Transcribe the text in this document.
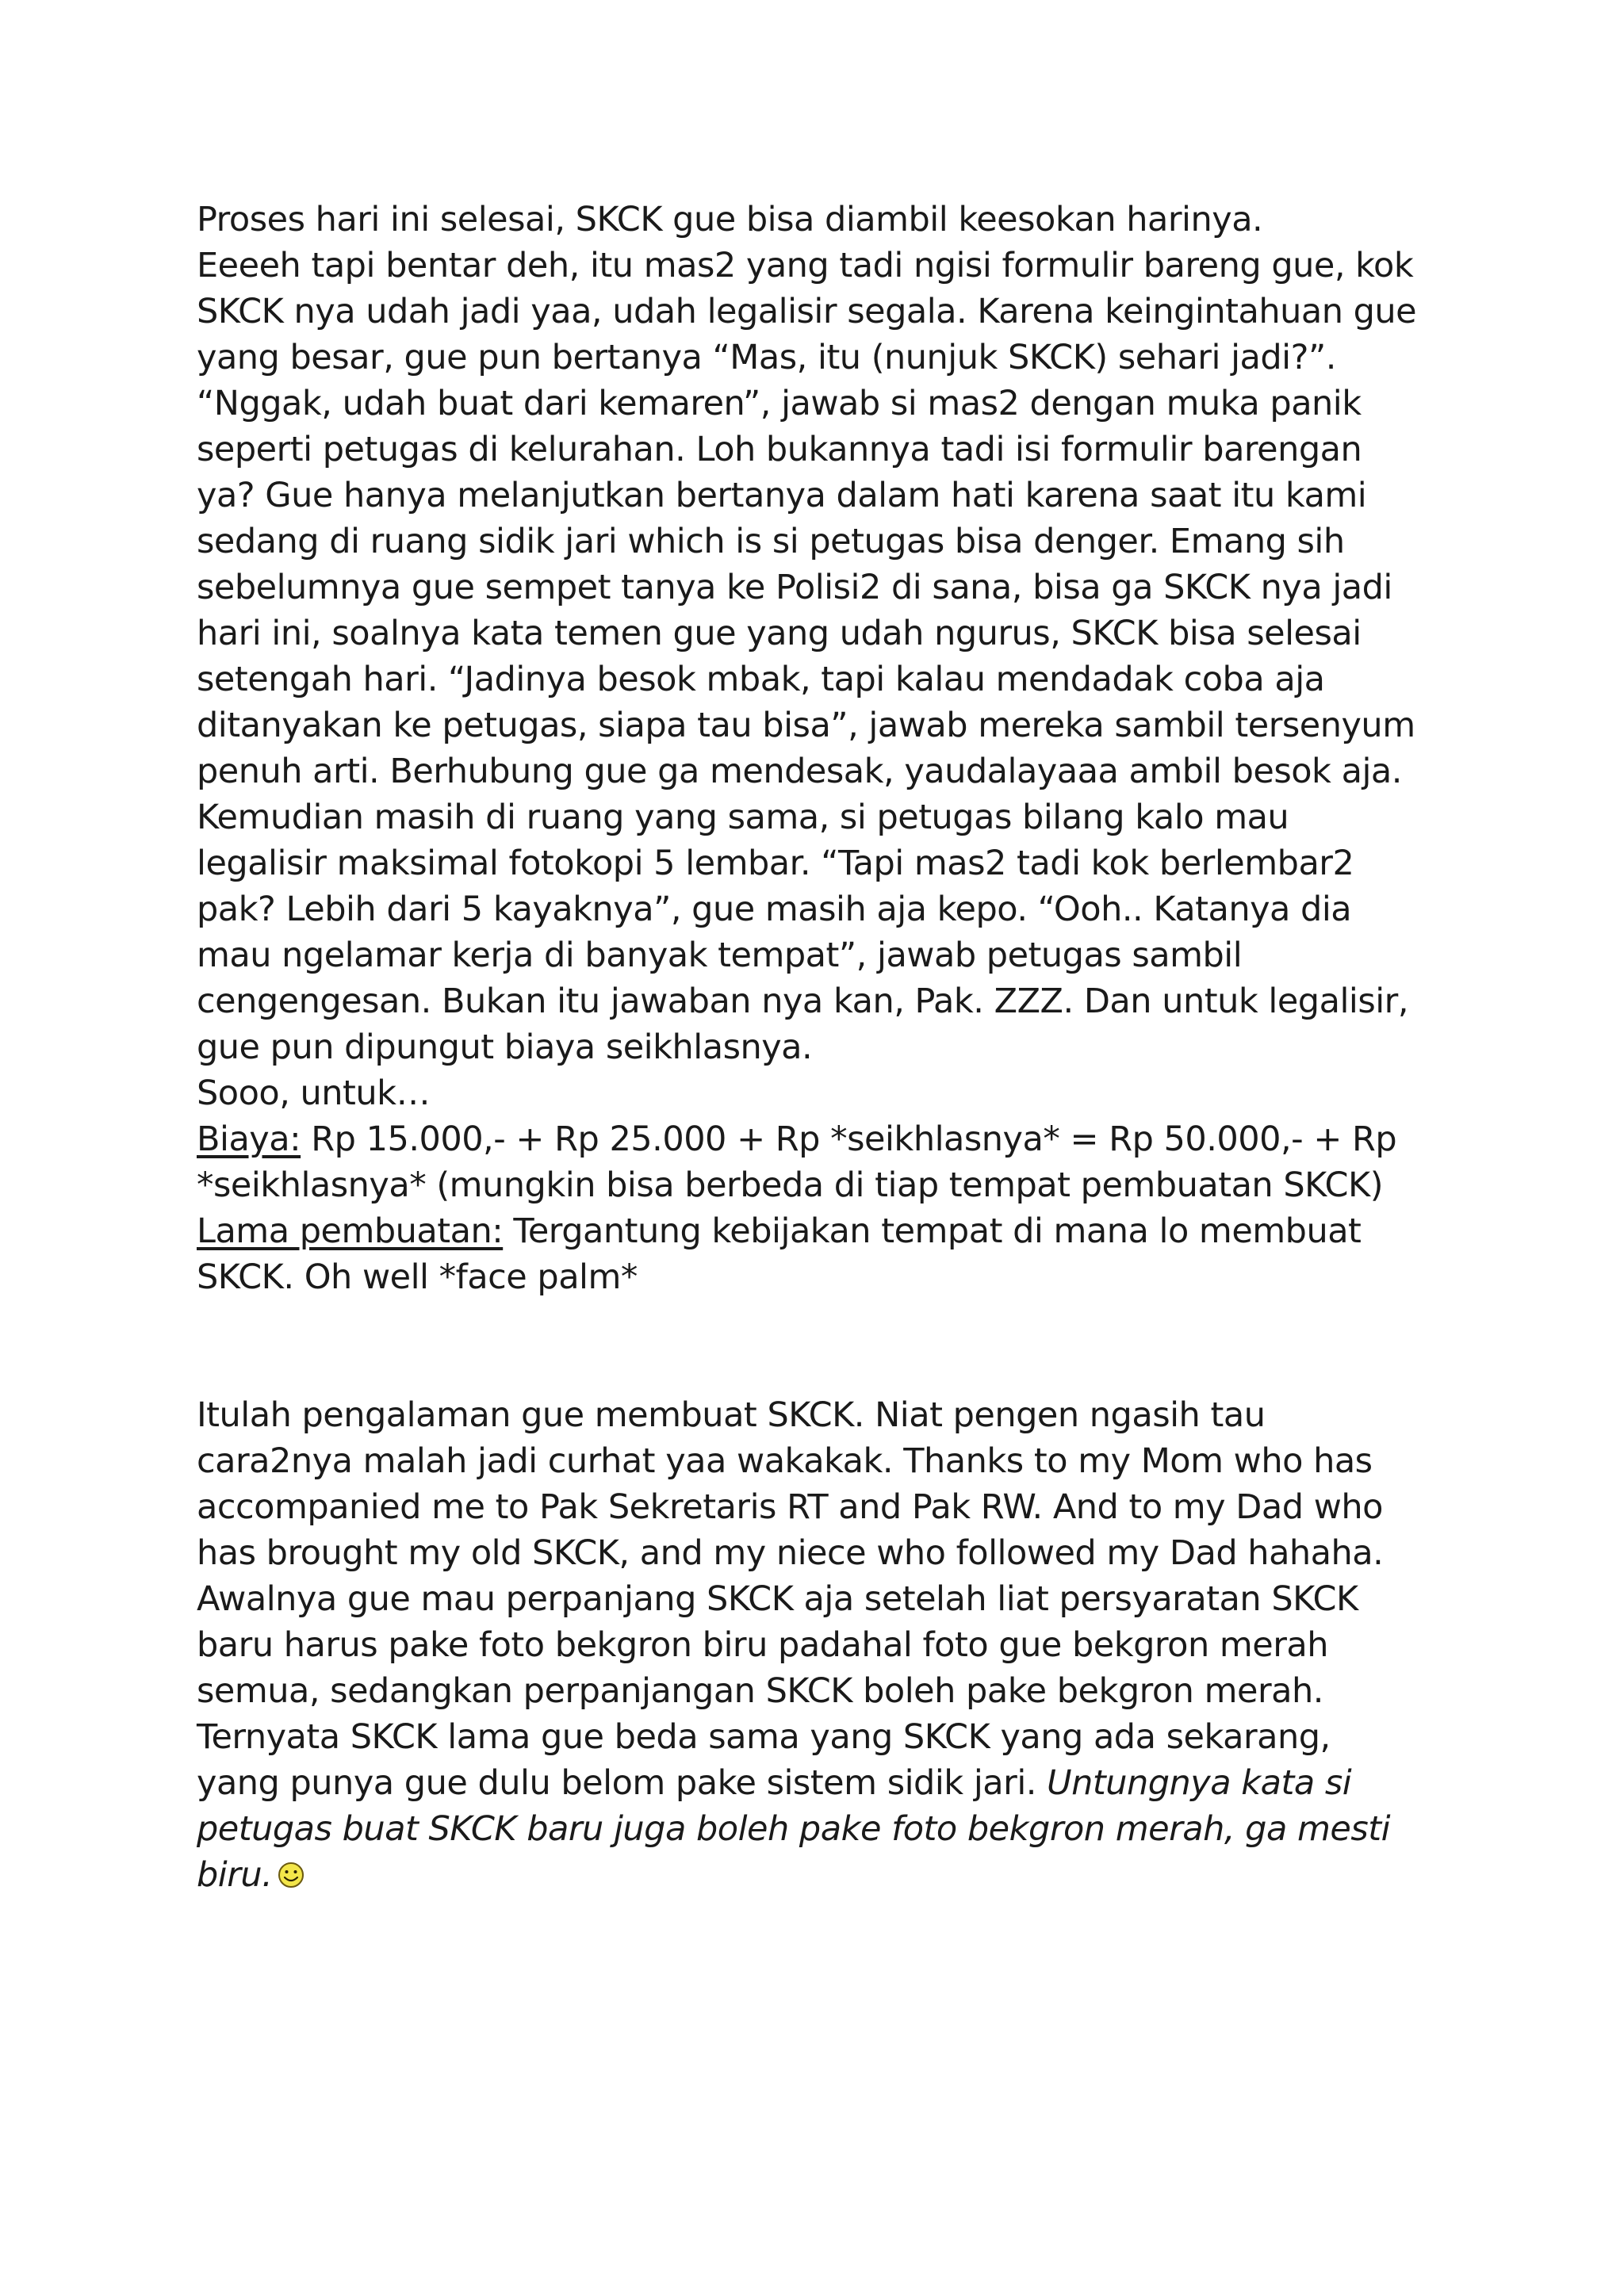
Proses hari ini selesai, SKCK gue bisa diambil keesokan harinya.
Eeeeh tapi bentar deh, itu mas2 yang tadi ngisi formulir bareng gue, kok
SKCK nya udah jadi yaa, udah legalisir segala. Karena keingintahuan gue
yang besar, gue pun bertanya “Mas, itu (nunjuk SKCK) sehari jadi?”.
“Nggak, udah buat dari kemaren”, jawab si mas2 dengan muka panik
seperti petugas di kelurahan. Loh bukannya tadi isi formulir barengan
ya? Gue hanya melanjutkan bertanya dalam hati karena saat itu kami
sedang di ruang sidik jari which is si petugas bisa denger. Emang sih
sebelumnya gue sempet tanya ke Polisi2 di sana, bisa ga SKCK nya jadi
hari ini, soalnya kata temen gue yang udah ngurus, SKCK bisa selesai
setengah hari. “Jadinya besok mbak, tapi kalau mendadak coba aja
ditanyakan ke petugas, siapa tau bisa”, jawab mereka sambil tersenyum
penuh arti. Berhubung gue ga mendesak, yaudalayaaa ambil besok aja.
Kemudian masih di ruang yang sama, si petugas bilang kalo mau
legalisir maksimal fotokopi 5 lembar. “Tapi mas2 tadi kok berlembar2
pak? Lebih dari 5 kayaknya”, gue masih aja kepo. “Ooh.. Katanya dia
mau ngelamar kerja di banyak tempat”, jawab petugas sambil
cengengesan. Bukan itu jawaban nya kan, Pak. ZZZ. Dan untuk legalisir,
gue pun dipungut biaya seikhlasnya.
Sooo, untuk…
Biaya: Rp 15.000,- + Rp 25.000 + Rp *seikhlasnya* = Rp 50.000,- + Rp
*seikhlasnya* (mungkin bisa berbeda di tiap tempat pembuatan SKCK)
Lama pembuatan: Tergantung kebijakan tempat di mana lo membuat
SKCK. Oh well *face palm*
Itulah pengalaman gue membuat SKCK. Niat pengen ngasih tau
cara2nya malah jadi curhat yaa wakakak. Thanks to my Mom who has
accompanied me to Pak Sekretaris RT and Pak RW. And to my Dad who
has brought my old SKCK, and my niece who followed my Dad hahaha.
Awalnya gue mau perpanjang SKCK aja setelah liat persyaratan SKCK
baru harus pake foto bekgron biru padahal foto gue bekgron merah
semua, sedangkan perpanjangan SKCK boleh pake bekgron merah.
Ternyata SKCK lama gue beda sama yang SKCK yang ada sekarang,
yang punya gue dulu belom pake sistem sidik jari. Untungnya kata si
petugas buat SKCK baru juga boleh pake foto bekgron merah, ga mesti
biru.
